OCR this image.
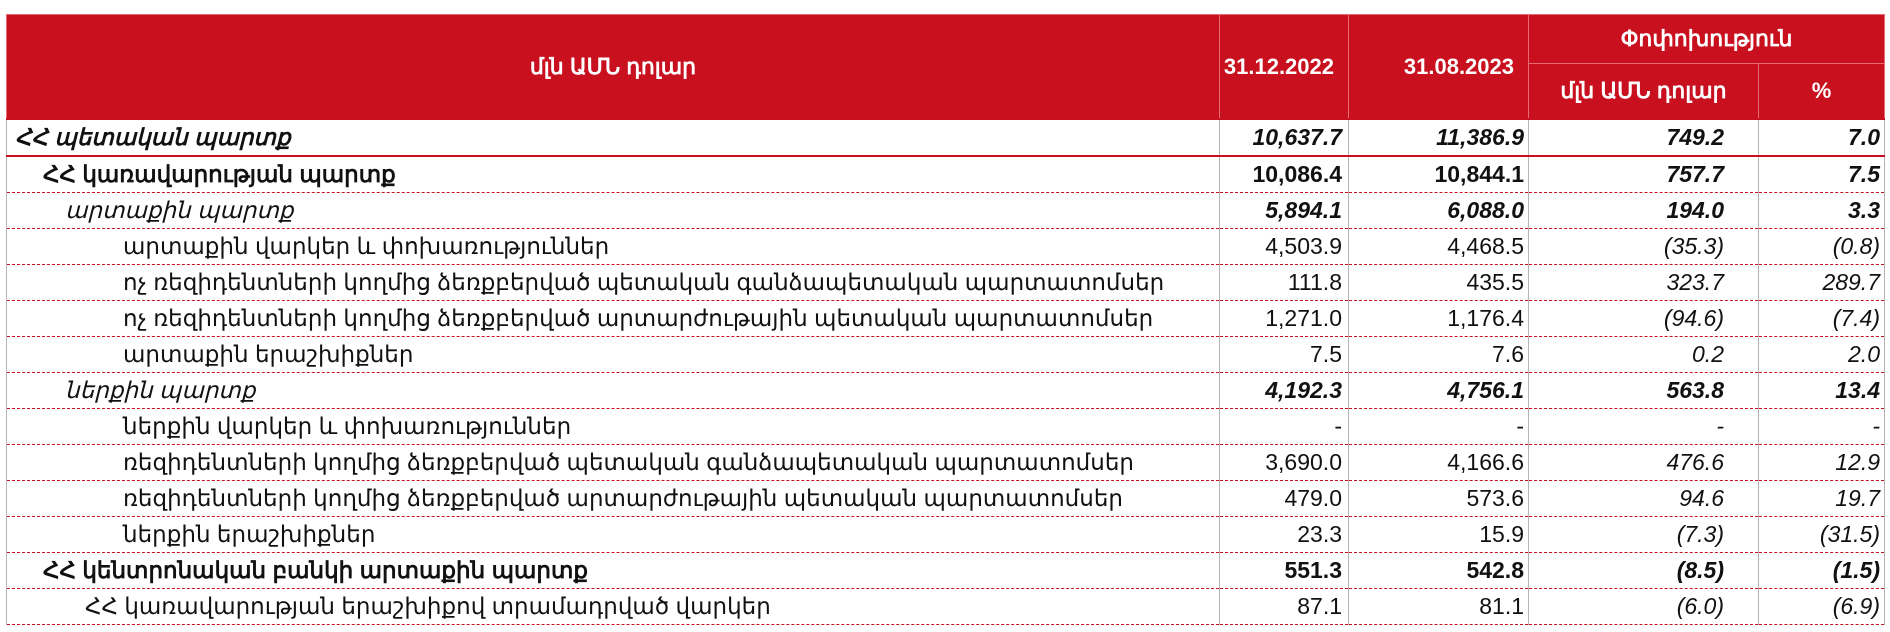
մլն ԱՄՆ դոլար	31.12.2022	31.08.2023	Փոփոխություն	
			մլն ԱՄՆ դոլար	%
ՀՀ պետական պարտք	10,637.7	11,386.9	749.2	7.0
ՀՀ կառավարության պարտք	10,086.4	10,844.1	757.7	7.5
արտաքին պարտք	5,894.1	6,088.0	194.0	3.3
արտաքին վարկեր և փոխառություններ	4,503.9	4,468.5	(35.3)	(0.8)
ոչ ռեզիդենտների կողմից ձեռքբերված պետական գանձապետական պարտատոմսեր	111.8	435.5	323.7	289.7
ոչ ռեզիդենտների կողմից ձեռքբերված արտարժութային պետական պարտատոմսեր	1,271.0	1,176.4	(94.6)	(7.4)
արտաքին երաշխիքներ	7.5	7.6	0.2	2.0
ներքին պարտք	4,192.3	4,756.1	563.8	13.4
ներքին վարկեր և փոխառություններ	-	-	-	-
ռեզիդենտների կողմից ձեռքբերված պետական գանձապետական պարտատոմսեր	3,690.0	4,166.6	476.6	12.9
ռեզիդենտների կողմից ձեռքբերված արտարժութային պետական պարտատոմսեր	479.0	573.6	94.6	19.7
ներքին երաշխիքներ	23.3	15.9	(7.3)	(31.5)
ՀՀ կենտրոնական բանկի արտաքին պարտք	551.3	542.8	(8.5)	(1.5)
ՀՀ կառավարության երաշխիքով տրամադրված վարկեր	87.1	81.1	(6.0)	(6.9)
